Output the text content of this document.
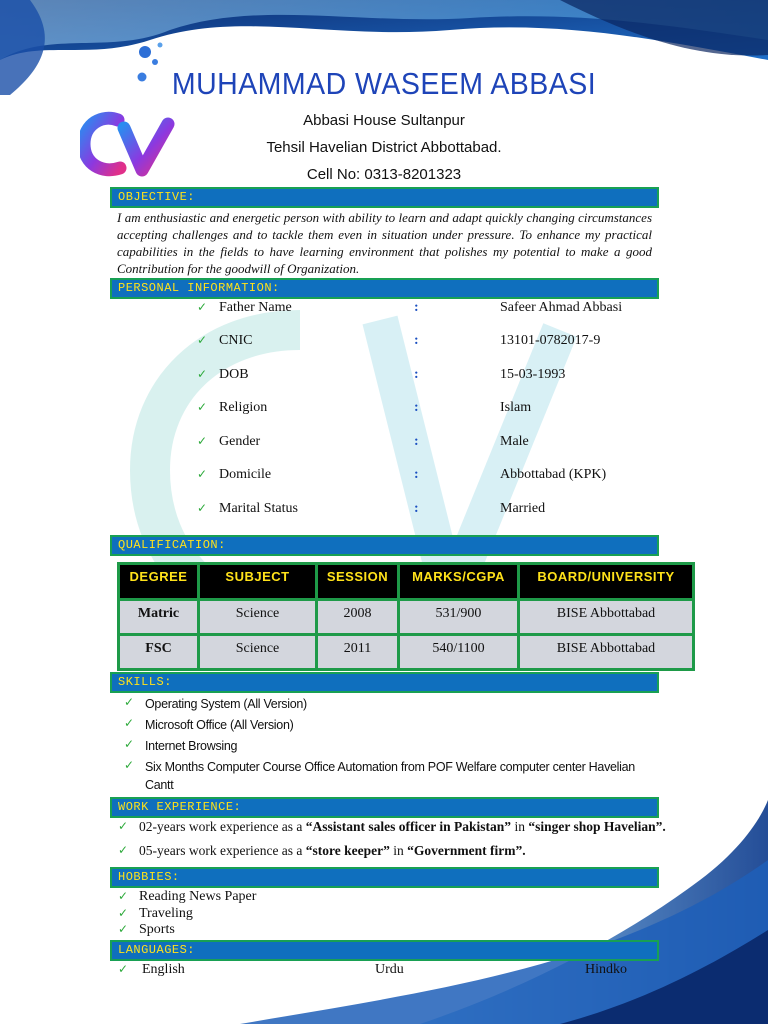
MUHAMMAD WASEEM ABBASI
Abbasi House Sultanpur
Tehsil Havelian District Abbottabad.
Cell No: 0313-8201323
OBJECTIVE:
I am enthusiastic and energetic person with ability to learn and adapt quickly changing circumstances accepting challenges and to tackle them even in situation under pressure. To enhance my practical capabilities in the fields to have learning environment that polishes my potential to make a good Contribution for the goodwill of Organization.
PERSONAL INFORMATION:
✓ Father Name	:	Safeer Ahmad Abbasi
✓ CNIC	:	13101-0782017-9
✓ DOB	:	15-03-1993
✓ Religion	:	Islam
✓ Gender	:	Male
✓ Domicile	:	Abbottabad (KPK)
✓ Marital Status	:	Married
QUALIFICATION:
DEGREE	SUBJECT	SESSION	MARKS/CGPA	BOARD/UNIVERSITY
Matric	Science	2008	531/900	BISE Abbottabad
FSC	Science	2011	540/1100	BISE Abbottabad
SKILLS:
✓ Operating System (All Version)
✓ Microsoft Office (All Version)
✓ Internet Browsing
✓ Six Months Computer Course Office Automation from POF Welfare computer center Havelian Cantt
WORK EXPERIENCE:
✓ 02-years work experience as a “Assistant sales officer in Pakistan” in “singer shop Havelian”.
✓ 05-years work experience as a “store keeper” in “Government firm”.
HOBBIES:
✓ Reading News Paper
✓ Traveling
✓ Sports
LANGUAGES:
✓ English	Urdu	Hindko
